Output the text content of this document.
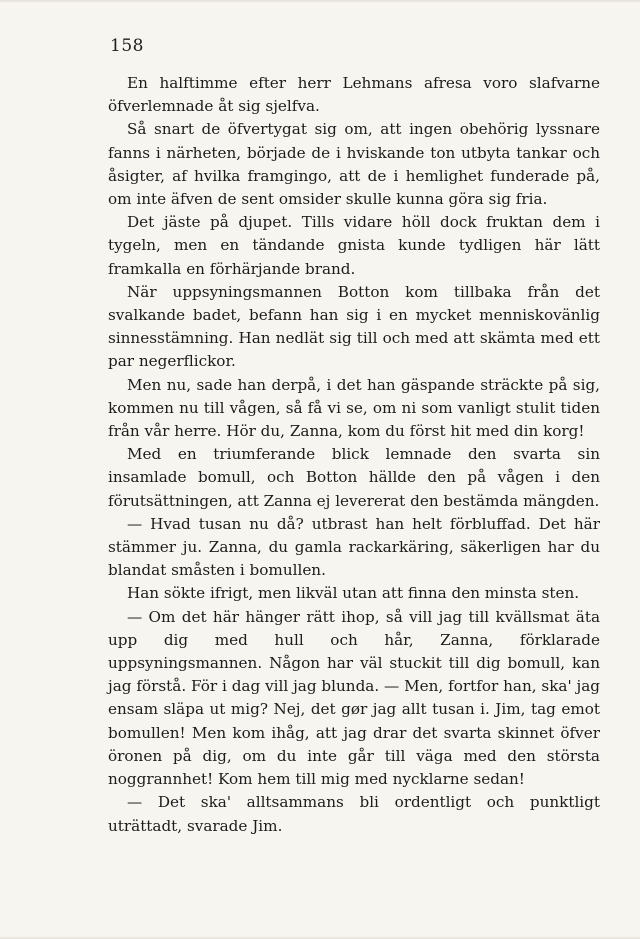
158

En halftimme efter herr Lehmans afresa voro slafvarne öfverlemnade åt sig sjelfva.

Så snart de öfvertygat sig om, att ingen obehörig lyssnare fanns i närheten, började de i hviskande ton utbyta tankar och åsigter, af hvilka framgingo, att de i hemlighet funderade på, om inte äfven de sent omsider skulle kunna göra sig fria.

Det jäste på djupet. Tills vidare höll dock fruktan dem i tygeln, men en tändande gnista kunde tydligen här lätt framkalla en förhärjande brand.

När uppsyningsmannen Botton kom tillbaka från det svalkande badet, befann han sig i en mycket menniskovänlig sinnesstämning. Han nedlät sig till och med att skämta med ett par negerflickor.

Men nu, sade han derpå, i det han gäspande sträckte på sig, kommen nu till vågen, så få vi se, om ni som vanligt stulit tiden från vår herre. Hör du, Zanna, kom du först hit med din korg!

Med en triumferande blick lemnade den svarta sin insamlade bomull, och Botton hällde den på vågen i den förutsättningen, att Zanna ej levererat den bestämda mängden.

— Hvad tusan nu då? utbrast han helt förbluffad. Det här stämmer ju. Zanna, du gamla rackarkäring, säkerligen har du blandat småsten i bomullen.

Han sökte ifrigt, men likväl utan att finna den minsta sten.

— Om det här hänger rätt ihop, så vill jag till kvällsmat äta upp dig med hull och hår, Zanna, förklarade uppsyningsmannen. Någon har väl stuckit till dig bomull, kan jag förstå. För i dag vill jag blunda. — Men, fortfor han, ska' jag ensam släpa ut mig? Nej, det gør jag allt tusan i. Jim, tag emot bomullen! Men kom ihåg, att jag drar det svarta skinnet öfver öronen på dig, om du inte går till väga med den största noggrannhet! Kom hem till mig med nycklarne sedan!

— Det ska' alltsammans bli ordentligt och punktligt uträttadt, svarade Jim.
